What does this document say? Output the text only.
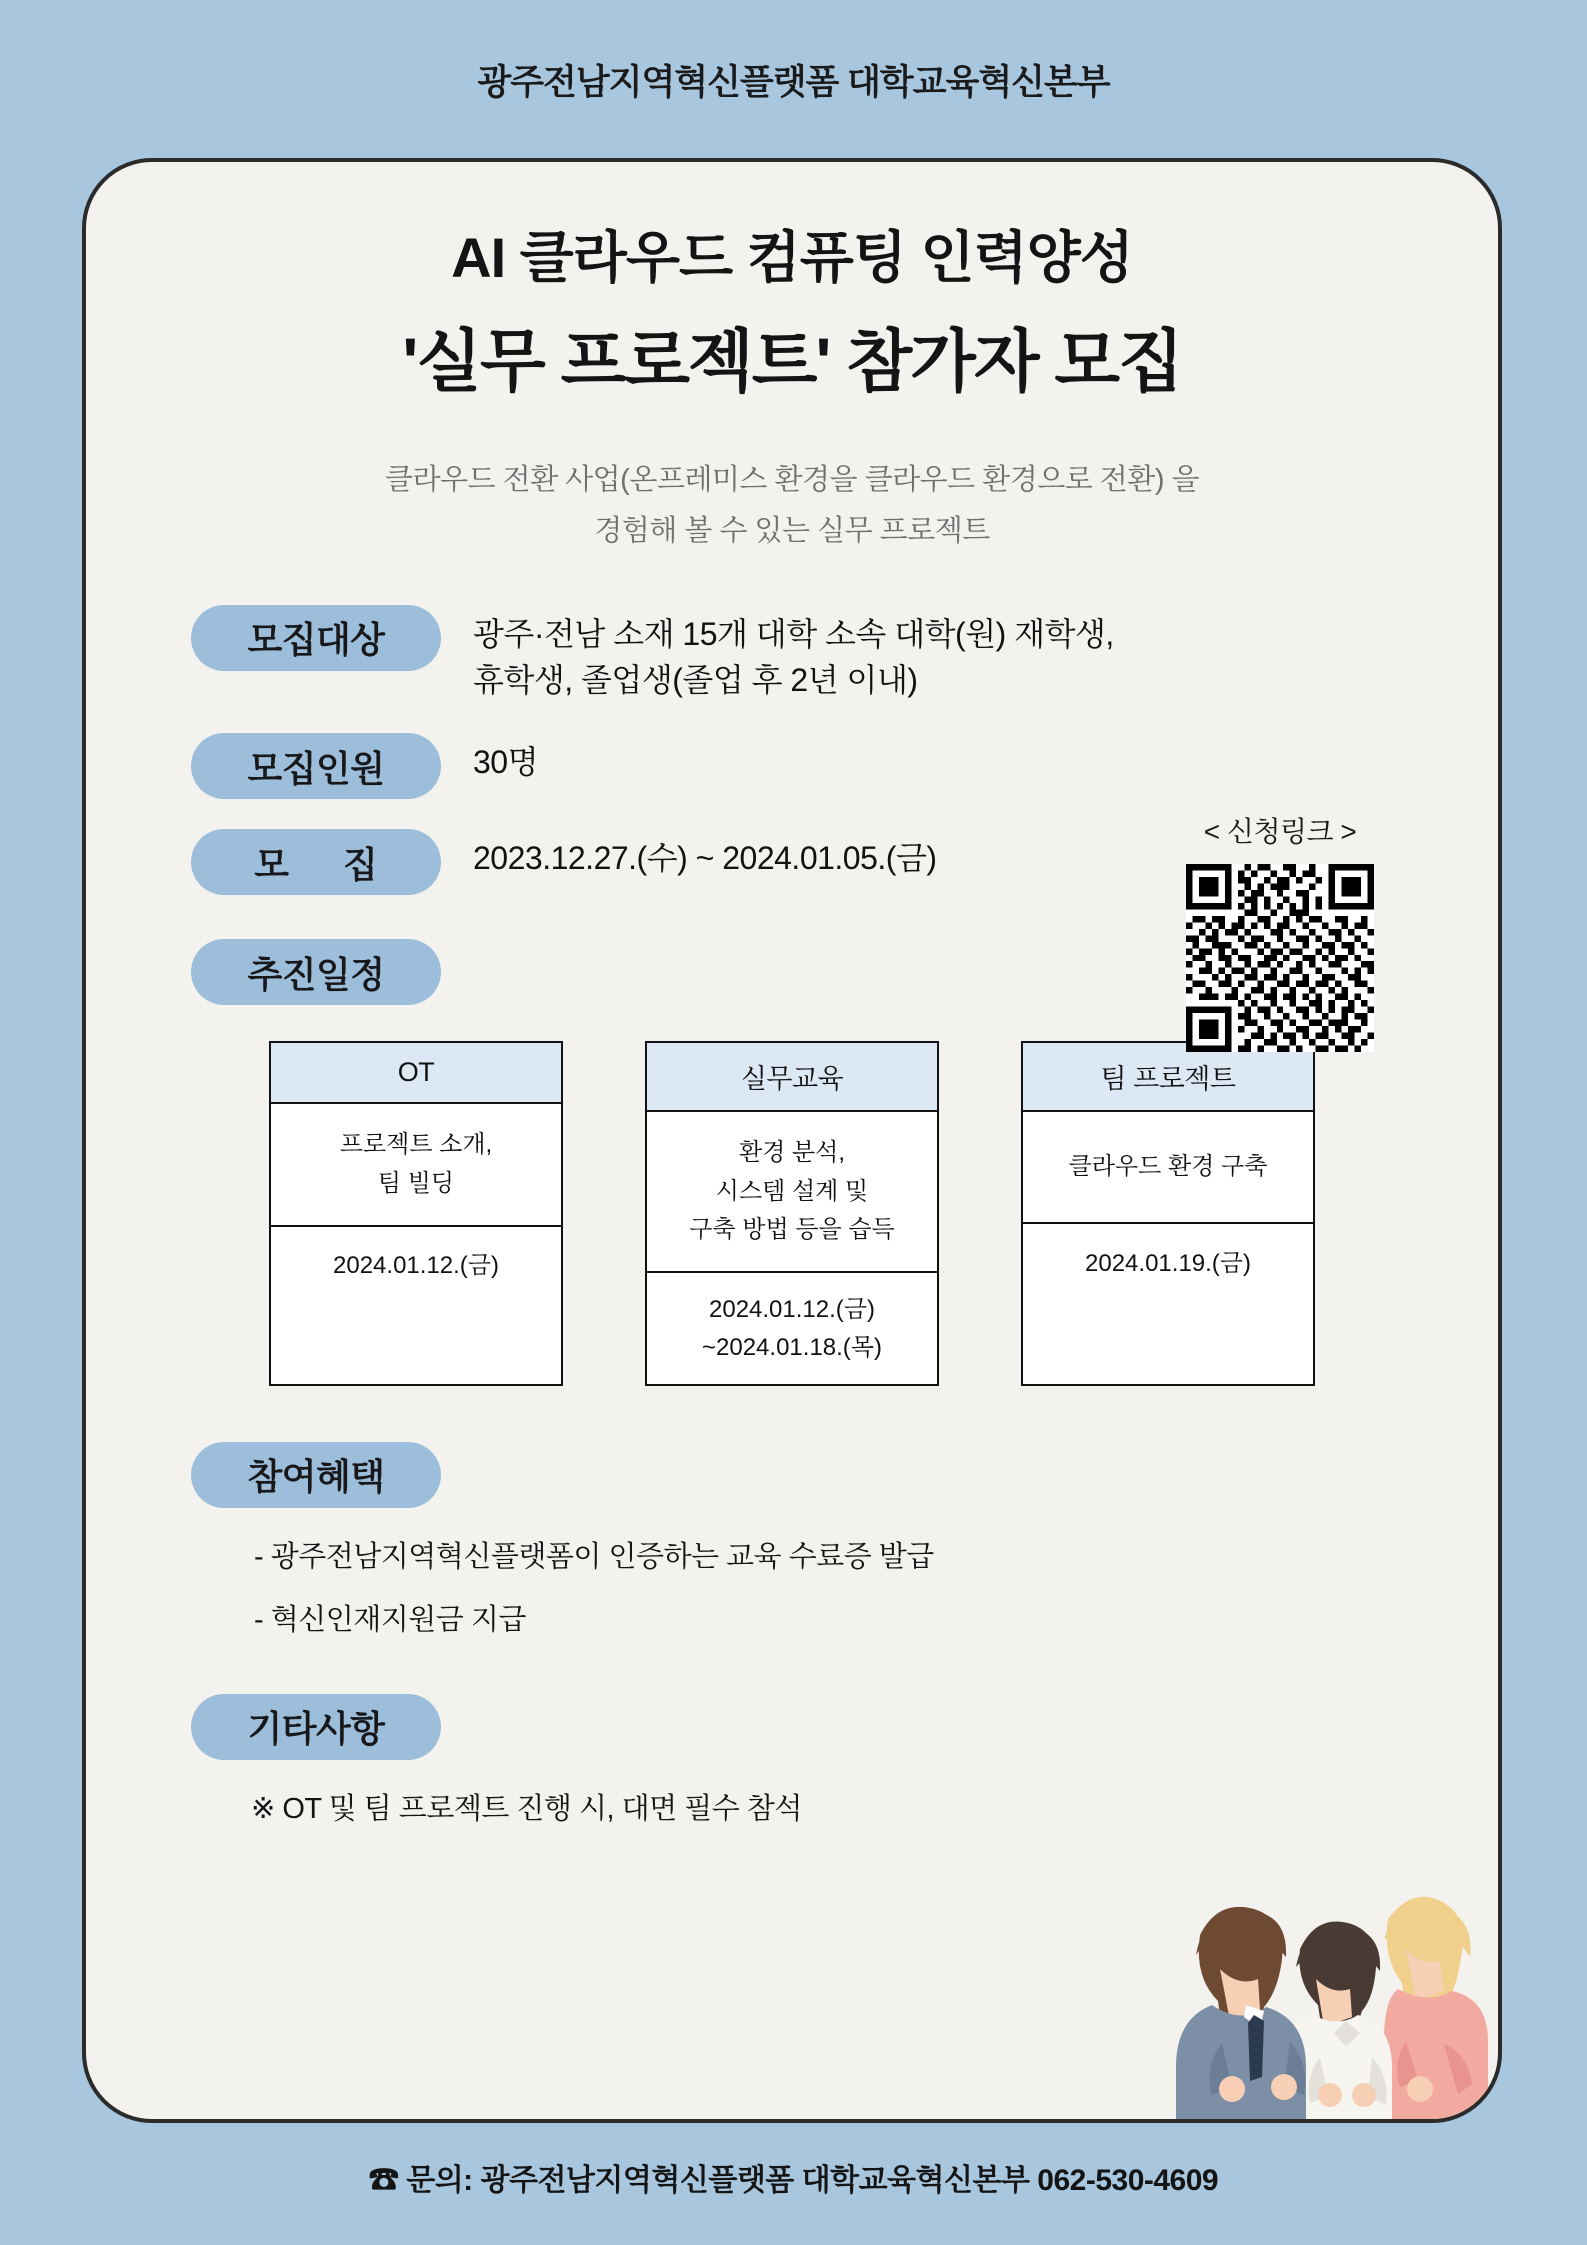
광주전남지역혁신플랫폼 대학교육혁신본부
AI 클라우드 컴퓨팅 인력양성
'실무 프로젝트' 참가자 모집
클라우드 전환 사업(온프레미스 환경을 클라우드 환경으로 전환) 을
경험해 볼 수 있는 실무 프로젝트
모집대상	광주·전남 소재 15개 대학 소속 대학(원) 재학생,
휴학생, 졸업생(졸업 후 2년 이내)
모집인원	30명
모 집	2023.12.27.(수) ~ 2024.01.05.(금)
< 신청링크 >
추진일정
OT
프로젝트 소개,
팀 빌딩
2024.01.12.(금)
실무교육
환경 분석,
시스템 설계 및
구축 방법 등을 습득
2024.01.12.(금)
~2024.01.18.(목)
팀 프로젝트
클라우드 환경 구축
2024.01.19.(금)
참여혜택
- 광주전남지역혁신플랫폼이 인증하는 교육 수료증 발급
- 혁신인재지원금 지급
기타사항
※ OT 및 팀 프로젝트 진행 시, 대면 필수 참석
☎ 문의: 광주전남지역혁신플랫폼 대학교육혁신본부 062-530-4609
